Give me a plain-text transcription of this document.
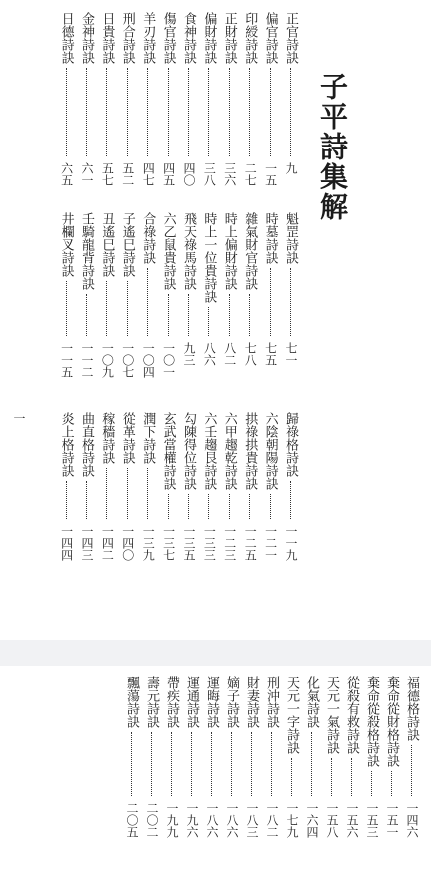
子平詩集解
一
正官詩訣
九
偏官詩訣
一五
印綬詩訣
二七
正財詩訣
三六
偏財詩訣
三八
食神詩訣
四〇
傷官詩訣
四五
羊刃詩訣
四七
刑合詩訣
五二
日貴詩訣
五七
金神詩訣
六一
日德詩訣
六五
魁罡詩訣
七一
時墓詩訣
七五
雜氣財官詩訣
七八
時上偏財詩訣
八二
時上一位貴詩訣
八六
飛天祿馬詩訣
九三
六乙鼠貴詩訣
一〇一
合祿詩訣
一〇四
子遙巳詩訣
一〇七
丑遙巳詩訣
一〇九
壬騎龍背詩訣
一一二
井欄叉詩訣
一一五
歸祿格詩訣
一一九
六陰朝陽詩訣
一二一
拱祿拱貴詩訣
一二五
六甲趨乾詩訣
一二三
六壬趨艮詩訣
一三三
勾陳得位詩訣
一三五
玄武當權詩訣
一三七
潤下詩訣
一三九
從革詩訣
一四〇
稼穡詩訣
一四二
曲直格詩訣
一四三
炎上格詩訣
一四四
福德格詩訣
一四六
棄命從財格詩訣
一五一
棄命從殺格詩訣
一五三
從殺有救詩訣
一五六
天元一氣詩訣
一五八
化氣詩訣
一六四
天元一字詩訣
一七九
刑沖詩訣
一八二
財妻詩訣
一八三
嫡子詩訣
一八六
運晦詩訣
一八六
運通詩訣
一九六
帶疾詩訣
一九九
壽元詩訣
二〇二
飄蕩詩訣
二〇五
